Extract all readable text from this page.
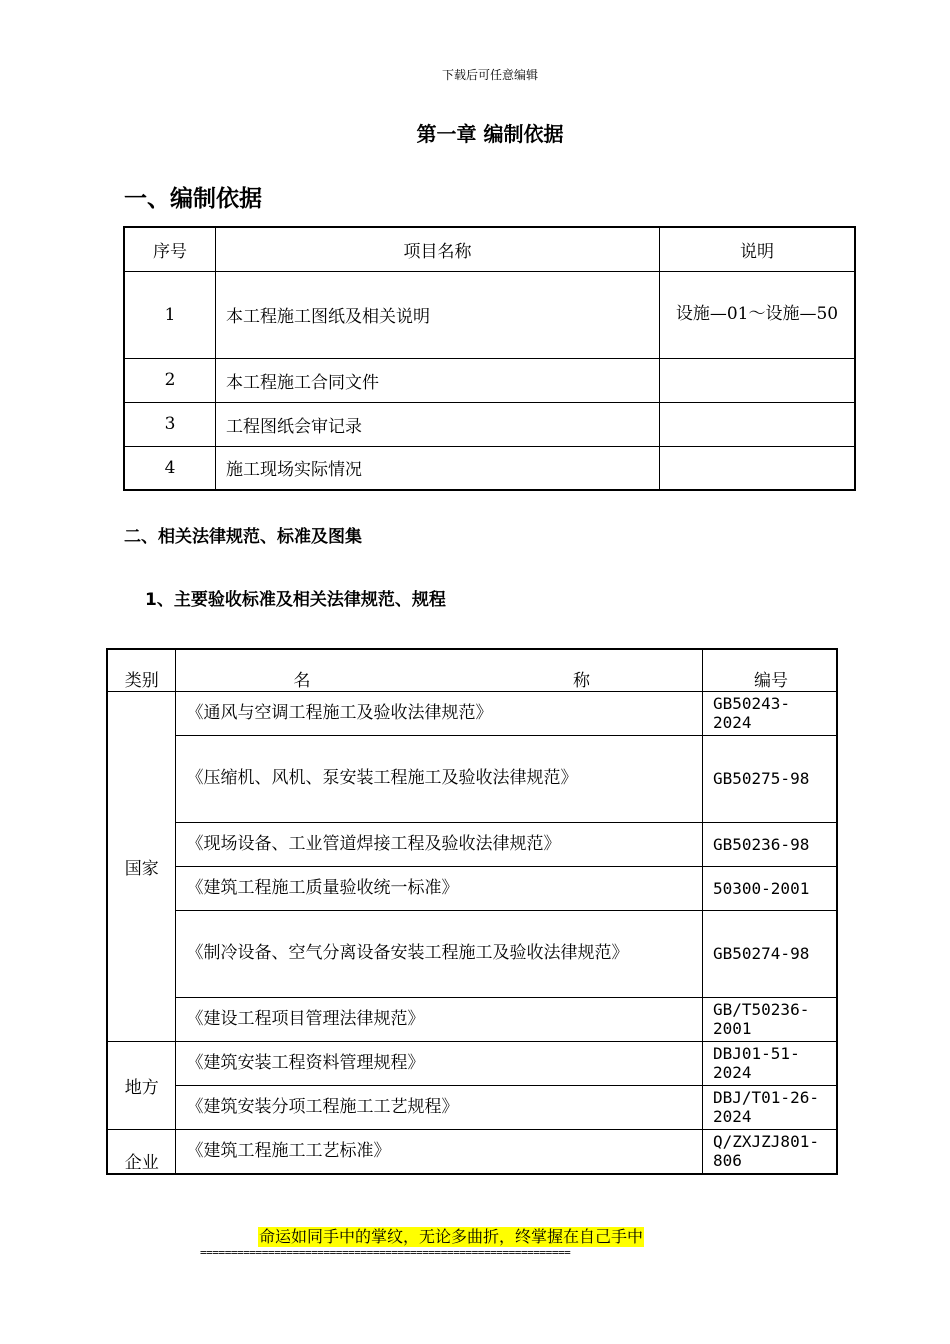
下载后可任意编辑
第一章 编制依据
一、编制依据
序号	项目名称	说明
1	本工程施工图纸及相关说明	设施—01～设施—50
2	本工程施工合同文件	
3	工程图纸会审记录	
4	施工现场实际情况	
二、相关法律规范、标准及图集
1、主要验收标准及相关法律规范、规程
类别	名 称	编 号

国家	《通风与空调工程施工及验收法律规范》	GB50243-2024
	《压缩机、风机、泵安装工程施工及验收法律规范》	GB50275-98
	《现场设备、工业管道焊接工程及验收法律规范》	GB50236-98
	《建筑工程施工质量验收统一标准》	50300-2001
	《制冷设备、空气分离设备安装工程施工及验收法律规范》	GB50274-98
	《建设工程项目管理法律规范》	GB/T50236-2001
地方	《建筑安装工程资料管理规程》	DBJ01-51-2024
	《建筑安装分项工程施工工艺规程》	DBJ/T01-26-2024
企业	《建筑工程施工工艺标准》	Q/ZXJZJ801-806
命运如同手中的掌纹，无论多曲折，终掌握在自己手中
============================================================
